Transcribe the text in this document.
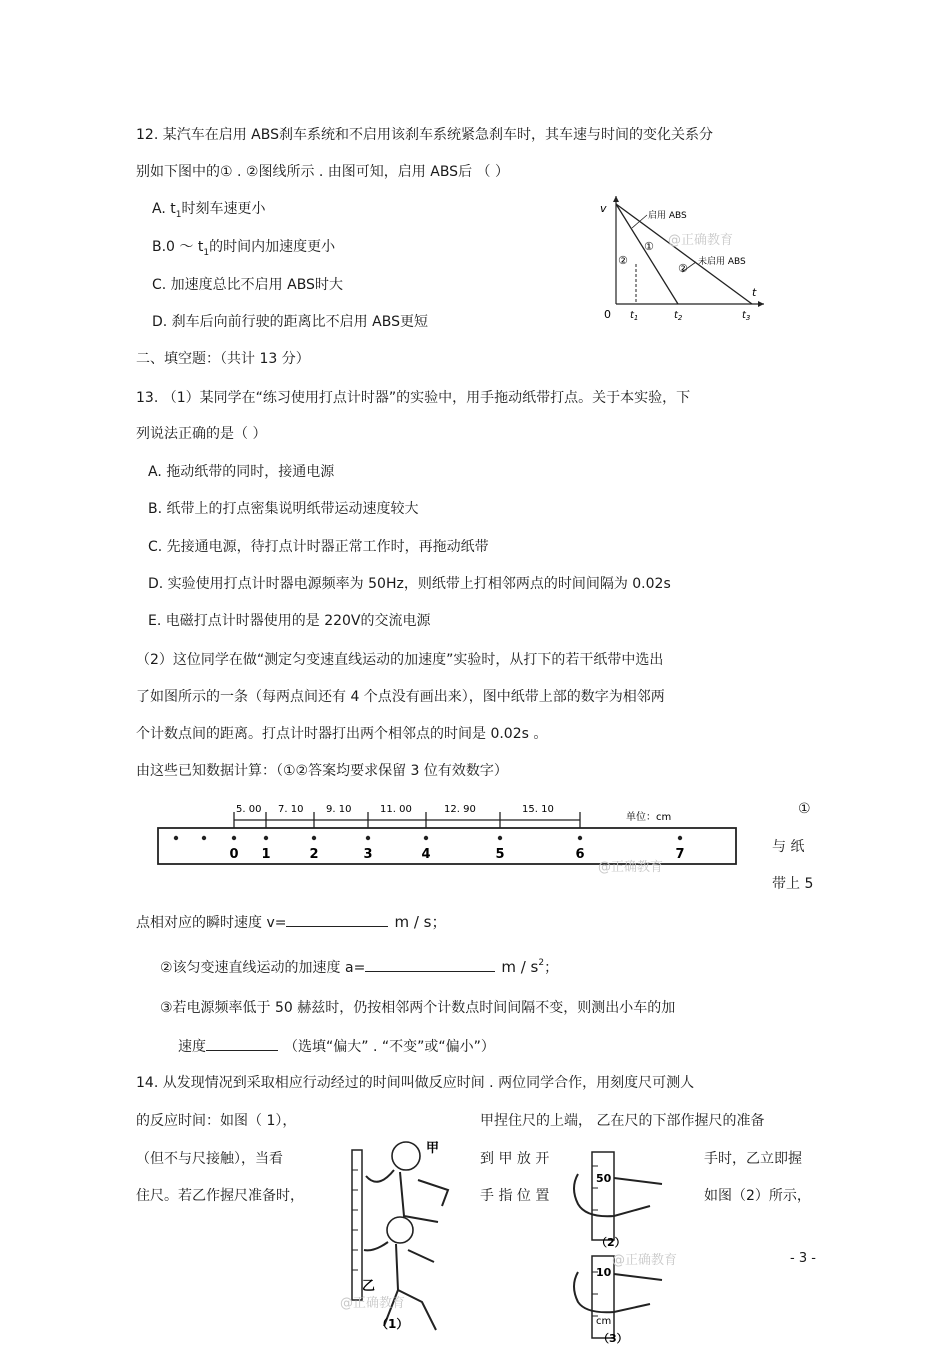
12. 某汽车在启用 ABS刹车系统和不启用该刹车系统紧急刹车时，其车速与时间的变化关系分
别如下图中的① . ②图线所示 . 由图可知，启用 ABS后 （ ）
A. $t_1$时刻车速更小
B.0 ～ $t_1$的时间内加速度更小
C. 加速度总比不启用 ABS时大
D. 刹车后向前行驶的距离比不启用 ABS更短
v
t
0 $t_1$	$t_2$	$t_3$
启用 ABS
未启用 ABS
①
②
②
@正确教育
二、填空题：（共计 13 分）
13. （1）某同学在“练习使用打点计时器”的实验中，用手拖动纸带打点。关于本实验，下
列说法正确的是（ ）
A. 拖动纸带的同时，接通电源
B. 纸带上的打点密集说明纸带运动速度较大
C. 先接通电源，待打点计时器正常工作时，再拖动纸带
D. 实验使用打点计时器电源频率为 50Hz，则纸带上打相邻两点的时间间隔为 0.02s
E. 电磁打点计时器使用的是 220V的交流电源
（2）这位同学在做“测定匀变速直线运动的加速度”实验时，从打下的若干纸带中选出
了如图所示的一条（每两点间还有 4 个点没有画出来），图中纸带上部的数字为相邻两
个计数点间的距离。打点计时器打出两个相邻点的时间是 0.02s 。
由这些已知数据计算：（①②答案均要求保留 3 位有效数字）
5. 00 7. 10 9. 10	11. 00	12. 90	15. 10
单位：cm
0 1	2	3	4	5	6	7
@正确教育
①
与 纸
带上 5
点相对应的瞬时速度 v=	m / s；
②该匀变速直线运动的加速度 a=	m / $s^2$；
③若电源频率低于 50 赫兹时，仍按相邻两个计数点时间间隔不变，则测出小车的加
速度	（选填“偏大” . “不变”或“偏小”）
14. 从发现情况到采取相应行动经过的时间叫做反应时间 . 两位同学合作，用刻度尺可测人
的反应时间：如图（ 1），	甲捏住尺的上端， 乙在尺的下部作握尺的准备
（但不与尺接触），当看	到 甲 放 开	手时，乙立即握
住尺。若乙作握尺准备时，	手 指 位 置	如图（2）所示，
甲
乙
（1）
@正确教育
50
（2）
10
cm
（3）
@正确教育	- 3 -
